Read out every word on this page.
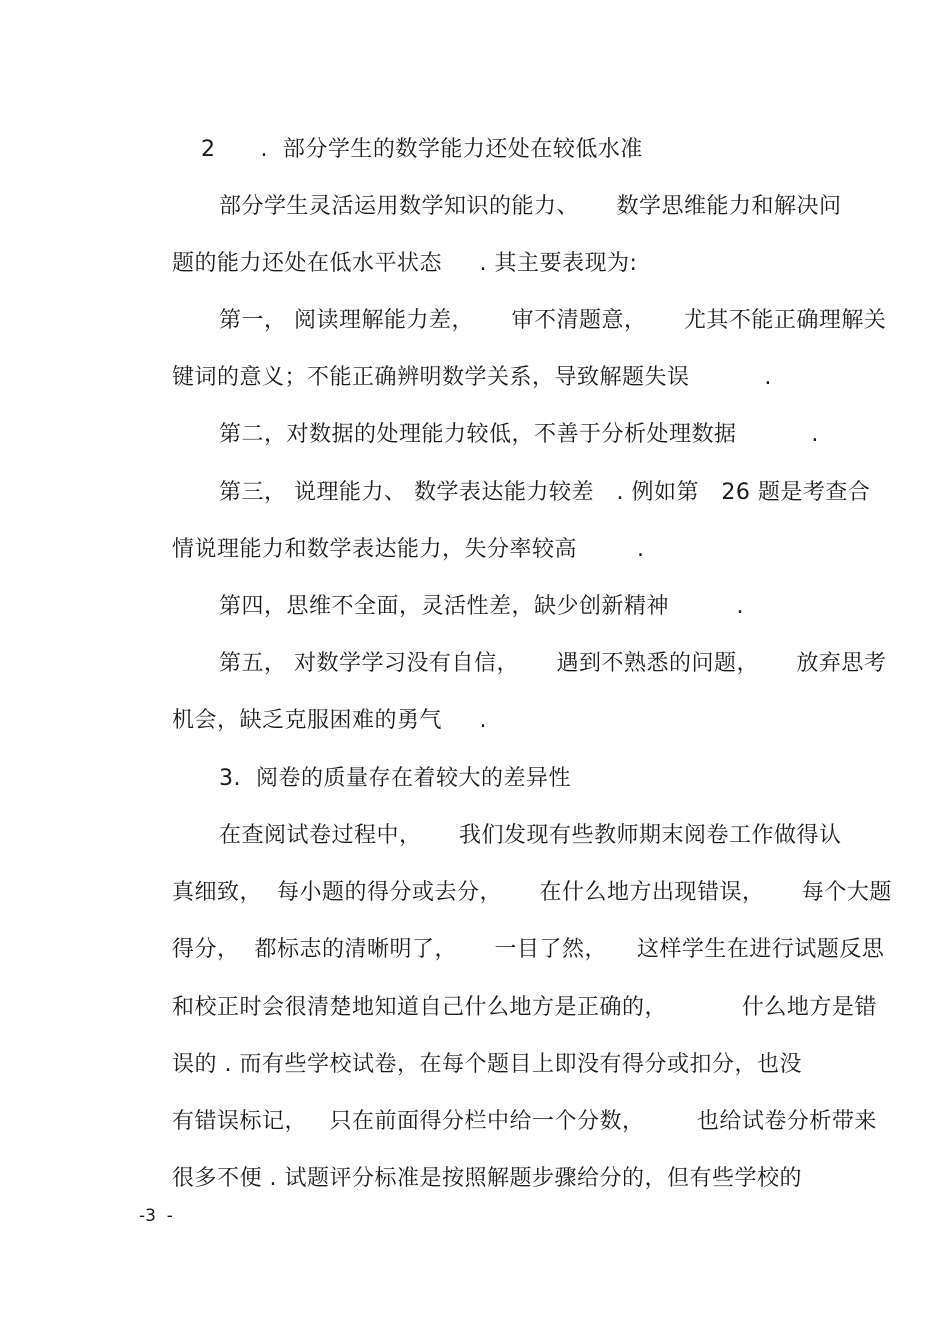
2      .  部分学生的数学能力还处在较低水准
部分学生灵活运用数学知识的能力、     数学思维能力和解决问
题的能力还处在低水平状态     . 其主要表现为:
第一， 阅读理解能力差，     审不清题意，     尤其不能正确理解关
键词的意义；不能正确辨明数学关系，导致解题失误          .
第二，对数据的处理能力较低，不善于分析处理数据          .
第三， 说理能力、 数学表达能力较差   . 例如第   26 题是考查合
情说理能力和数学表达能力，失分率较高        .
第四，思维不全面，灵活性差，缺少创新精神         .
第五， 对数学学习没有自信，     遇到不熟悉的问题，     放弃思考
机会，缺乏克服困难的勇气     .
3.  阅卷的质量存在着较大的差异性
在查阅试卷过程中，     我们发现有些教师期末阅卷工作做得认
真细致，  每小题的得分或去分，     在什么地方出现错误，     每个大题
得分，  都标志的清晰明了，     一目了然，    这样学生在进行试题反思
和校正时会很清楚地知道自己什么地方是正确的，          什么地方是错
误的 . 而有些学校试卷，在每个题目上即没有得分或扣分，也没
有错误标记，   只在前面得分栏中给一个分数，       也给试卷分析带来
很多不便 . 试题评分标准是按照解题步骤给分的，但有些学校的
-3  -
